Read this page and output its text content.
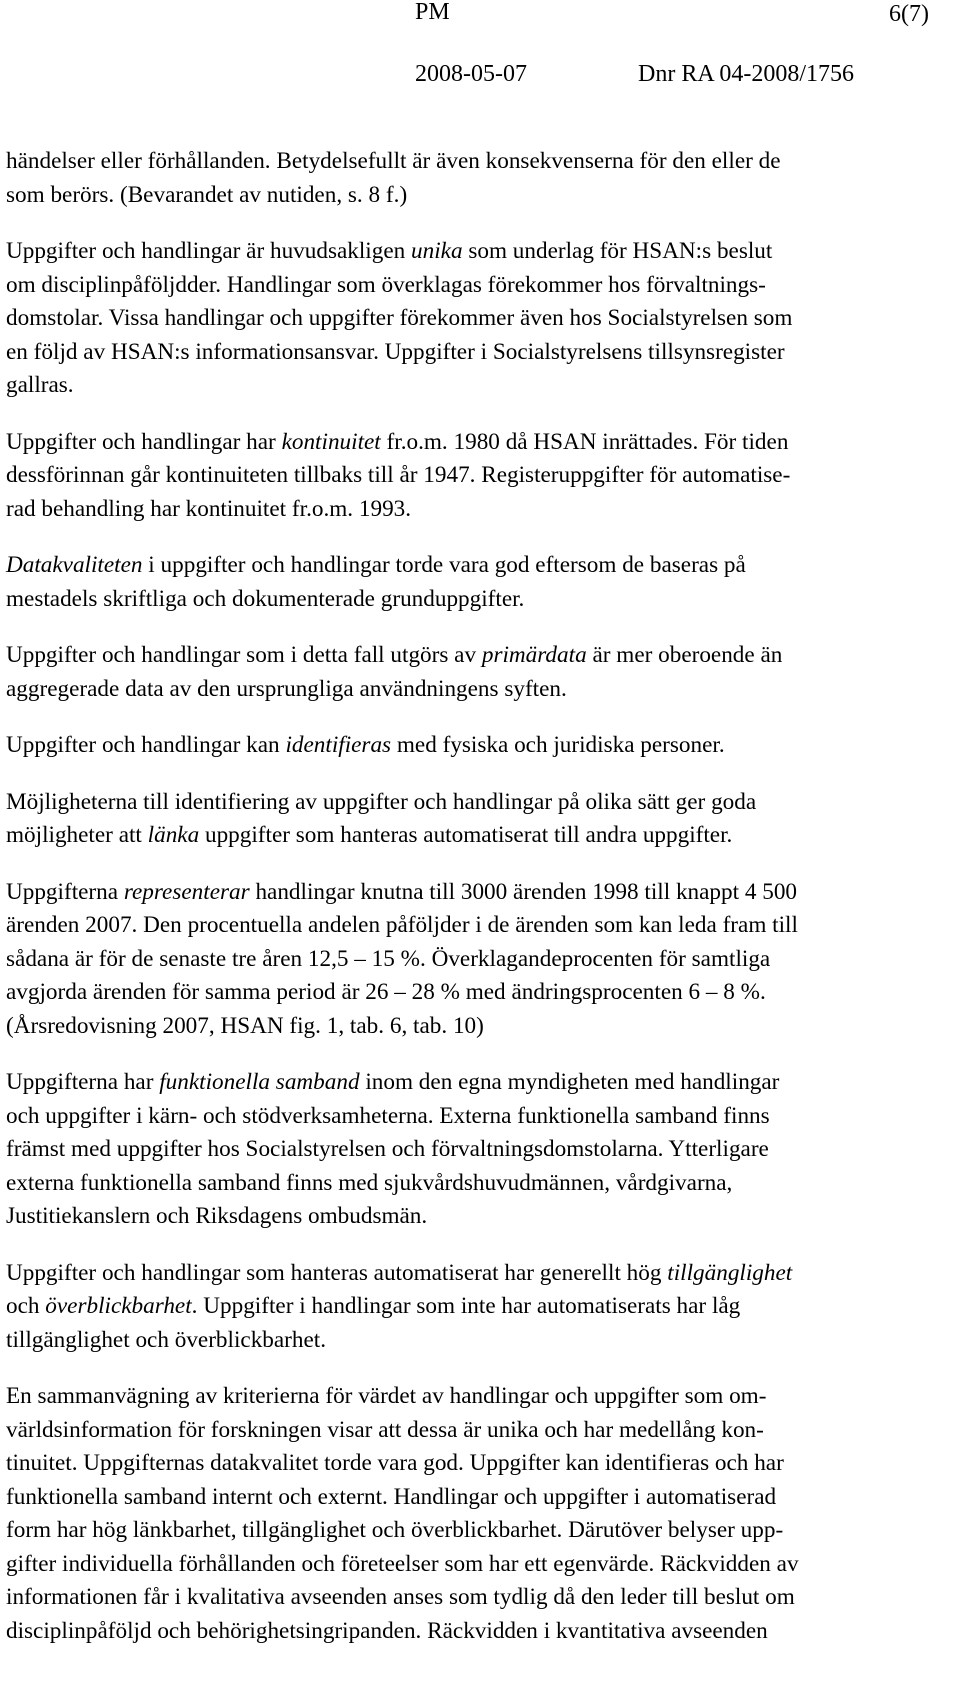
PM	6(7)
2008-05-07	Dnr RA 04-2008/1756

händelser eller förhållanden. Betydelsefullt är även konsekvenserna för den eller de
som berörs. (Bevarandet av nutiden, s. 8 f.)

Uppgifter och handlingar är huvudsakligen unika som underlag för HSAN:s beslut
om disciplinpåföljdder. Handlingar som överklagas förekommer hos förvaltnings-
domstolar. Vissa handlingar och uppgifter förekommer även hos Socialstyrelsen som
en följd av HSAN:s informationsansvar. Uppgifter i Socialstyrelsens tillsynsregister
gallras.

Uppgifter och handlingar har kontinuitet fr.o.m. 1980 då HSAN inrättades. För tiden
dessförinnan går kontinuiteten tillbaks till år 1947. Registeruppgifter för automatise-
rad behandling har kontinuitet fr.o.m. 1993.

Datakvaliteten i uppgifter och handlingar torde vara god eftersom de baseras på
mestadels skriftliga och dokumenterade grunduppgifter.

Uppgifter och handlingar som i detta fall utgörs av primärdata är mer oberoende än
aggregerade data av den ursprungliga användningens syften.

Uppgifter och handlingar kan identifieras med fysiska och juridiska personer.

Möjligheterna till identifiering av uppgifter och handlingar på olika sätt ger goda
möjligheter att länka uppgifter som hanteras automatiserat till andra uppgifter.

Uppgifterna representerar handlingar knutna till 3000 ärenden 1998 till knappt 4 500
ärenden 2007. Den procentuella andelen påföljder i de ärenden som kan leda fram till
sådana är för de senaste tre åren 12,5 – 15 %. Överklagandeprocenten för samtliga
avgjorda ärenden för samma period är 26 – 28 % med ändringsprocenten 6 – 8 %.
(Årsredovisning 2007, HSAN fig. 1, tab. 6, tab. 10)

Uppgifterna har funktionella samband inom den egna myndigheten med handlingar
och uppgifter i kärn- och stödverksamheterna. Externa funktionella samband finns
främst med uppgifter hos Socialstyrelsen och förvaltningsdomstolarna. Ytterligare
externa funktionella samband finns med sjukvårdshuvudmännen, vårdgivarna,
Justitiekanslern och Riksdagens ombudsmän.

Uppgifter och handlingar som hanteras automatiserat har generellt hög tillgänglighet
och överblickbarhet. Uppgifter i handlingar som inte har automatiserats har låg
tillgänglighet och överblickbarhet.

En sammanvägning av kriterierna för värdet av handlingar och uppgifter som om-
världsinformation för forskningen visar att dessa är unika och har medellång kon-
tinuitet. Uppgifternas datakvalitet torde vara god. Uppgifter kan identifieras och har
funktionella samband internt och externt. Handlingar och uppgifter i automatiserad
form har hög länkbarhet, tillgänglighet och överblickbarhet. Därutöver belyser upp-
gifter individuella förhållanden och företeelser som har ett egenvärde. Räckvidden av
informationen får i kvalitativa avseenden anses som tydlig då den leder till beslut om
disciplinpåföljd och behörighetsingripanden. Räckvidden i kvantitativa avseenden
